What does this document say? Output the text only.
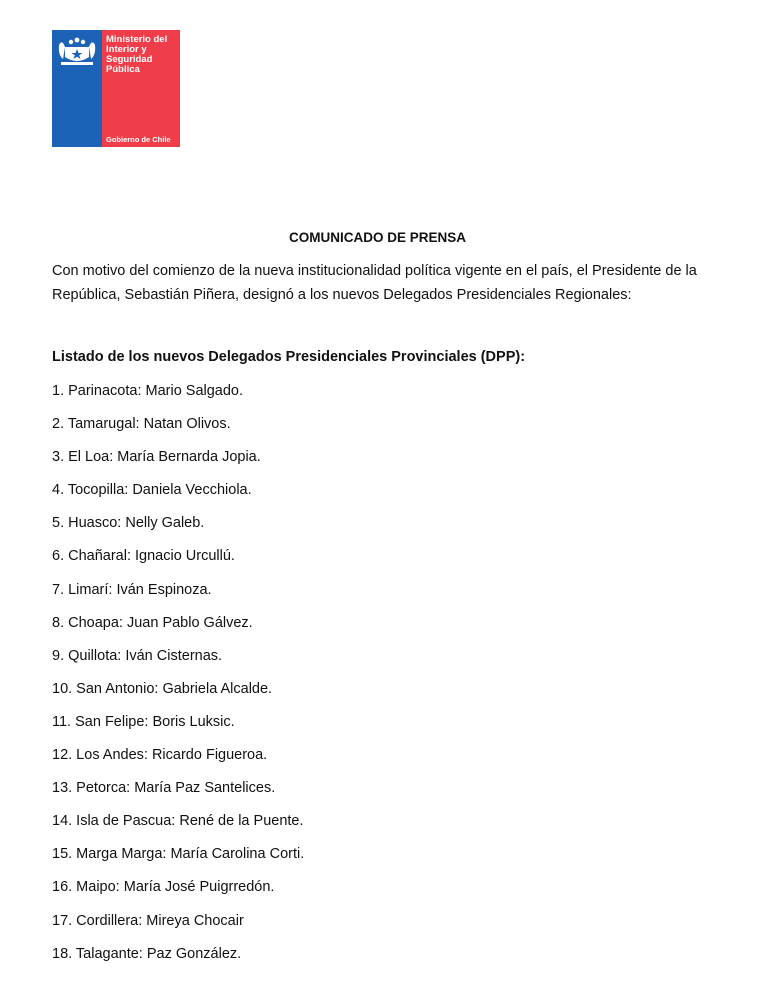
Ministerio del
Interior y
Seguridad
Pública
Gobierno de Chile
COMUNICADO DE PRENSA
Con motivo del comienzo de la nueva institucionalidad política vigente en el país, el Presidente de la República, Sebastián Piñera, designó a los nuevos Delegados Presidenciales Regionales:
Listado de los nuevos Delegados Presidenciales Provinciales (DPP):
1. Parinacota: Mario Salgado.
2. Tamarugal: Natan Olivos.
3. El Loa: María Bernarda Jopia.
4. Tocopilla: Daniela Vecchiola.
5. Huasco: Nelly Galeb.
6. Chañaral: Ignacio Urcullú.
7. Limarí: Iván Espinoza.
8. Choapa: Juan Pablo Gálvez.
9. Quillota: Iván Cisternas.
10. San Antonio: Gabriela Alcalde.
11. San Felipe: Boris Luksic.
12. Los Andes: Ricardo Figueroa.
13. Petorca: María Paz Santelices.
14. Isla de Pascua: René de la Puente.
15. Marga Marga: María Carolina Corti.
16. Maipo: María José Puigrredón.
17. Cordillera: Mireya Chocair
18. Talagante: Paz González.
